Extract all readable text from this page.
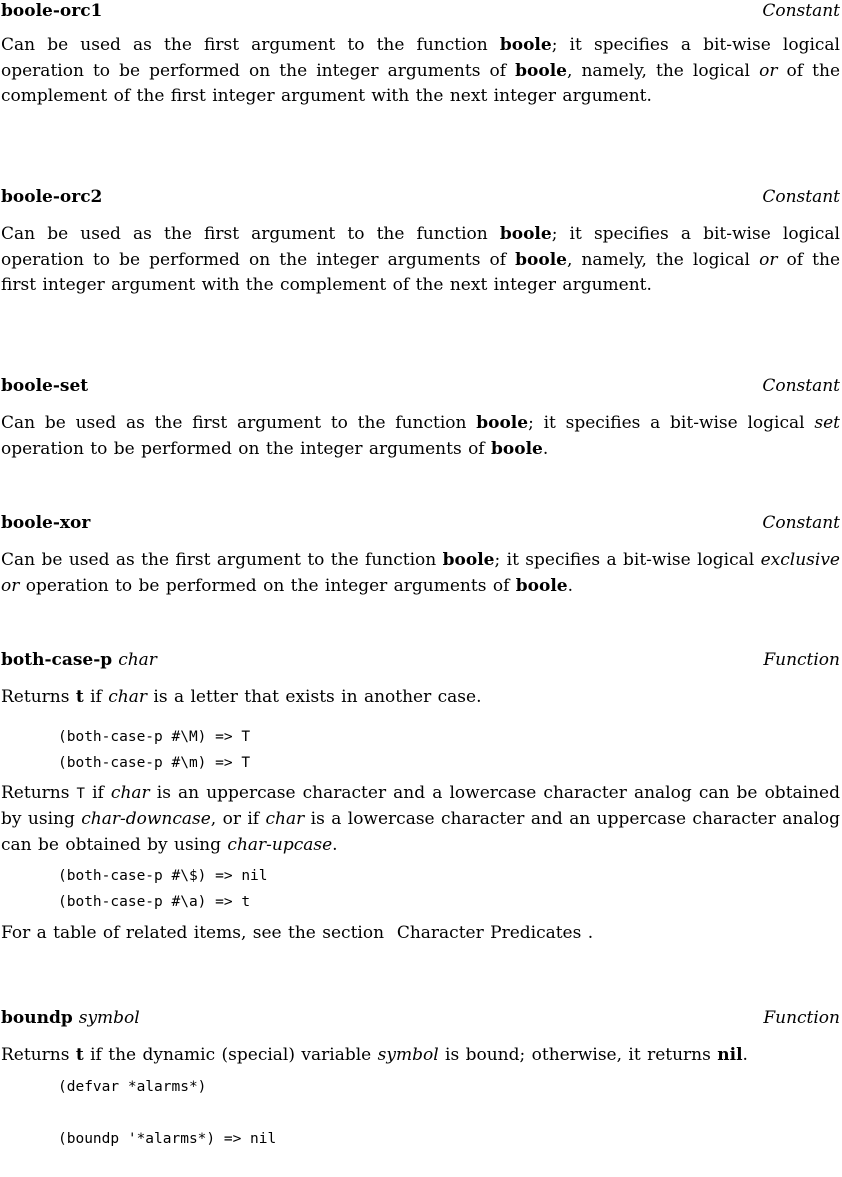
boole-orc1	Constant

Can be used as the first argument to the function boole; it specifies a bit-wise logical operation to be performed on the integer arguments of boole, namely, the logical or of the complement of the first integer argument with the next integer argument.

boole-orc2	Constant

Can be used as the first argument to the function boole; it specifies a bit-wise logical operation to be performed on the integer arguments of boole, namely, the logical or of the first integer argument with the complement of the next integer argument.

boole-set	Constant

Can be used as the first argument to the function boole; it specifies a bit-wise logical set operation to be performed on the integer arguments of boole.

boole-xor	Constant

Can be used as the first argument to the function boole; it specifies a bit-wise logical exclusive or operation to be performed on the integer arguments of boole.

both-case-p char	Function

Returns t if char is a letter that exists in another case.

(both-case-p #\M) => T
(both-case-p #\m) => T

Returns T if char is an uppercase character and a lowercase character analog can be obtained by using char-downcase, or if char is a lowercase character and an uppercase character analog can be obtained by using char-upcase.

(both-case-p #\$) => nil
(both-case-p #\a) => t

For a table of related items, see the section  Character Predicates .

boundp symbol	Function

Returns t if the dynamic (special) variable symbol is bound; otherwise, it returns nil.

(defvar *alarms*)

(boundp '*alarms*) => nil
